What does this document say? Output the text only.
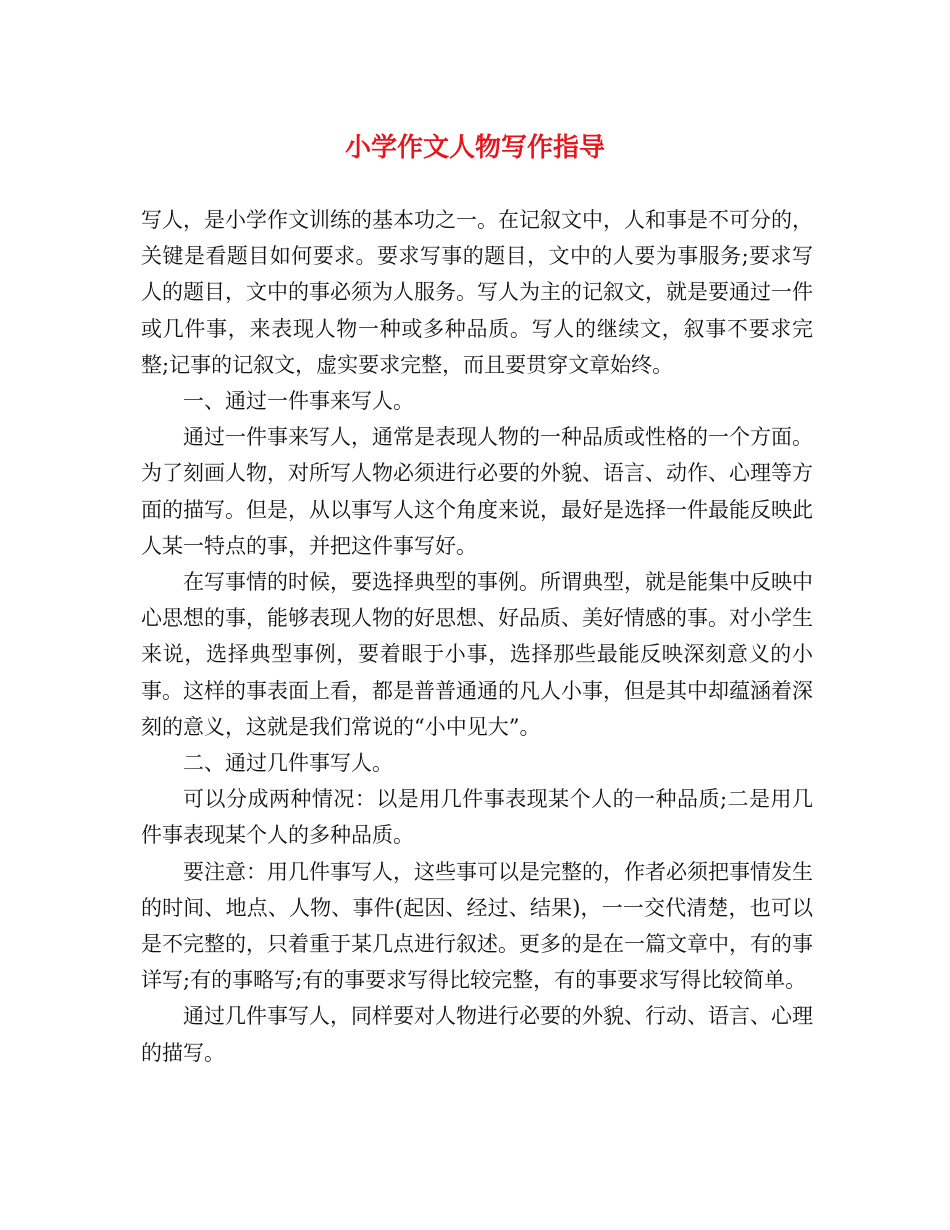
小学作文人物写作指导

写人，是小学作文训练的基本功之一。在记叙文中，人和事是不可分的，关键是看题目如何要求。要求写事的题目，文中的人要为事服务;要求写人的题目，文中的事必须为人服务。写人为主的记叙文，就是要通过一件或几件事，来表现人物一种或多种品质。写人的继续文，叙事不要求完整;记事的记叙文，虚实要求完整，而且要贯穿文章始终。

一、通过一件事来写人。

通过一件事来写人，通常是表现人物的一种品质或性格的一个方面。为了刻画人物，对所写人物必须进行必要的外貌、语言、动作、心理等方面的描写。但是，从以事写人这个角度来说，最好是选择一件最能反映此人某一特点的事，并把这件事写好。

在写事情的时候，要选择典型的事例。所谓典型，就是能集中反映中心思想的事，能够表现人物的好思想、好品质、美好情感的事。对小学生来说，选择典型事例，要着眼于小事，选择那些最能反映深刻意义的小事。这样的事表面上看，都是普普通通的凡人小事，但是其中却蕴涵着深刻的意义，这就是我们常说的“小中见大”。

二、通过几件事写人。

可以分成两种情况：以是用几件事表现某个人的一种品质;二是用几件事表现某个人的多种品质。

要注意：用几件事写人，这些事可以是完整的，作者必须把事情发生的时间、地点、人物、事件(起因、经过、结果)，一一交代清楚，也可以是不完整的，只着重于某几点进行叙述。更多的是在一篇文章中，有的事详写;有的事略写;有的事要求写得比较完整，有的事要求写得比较简单。

通过几件事写人，同样要对人物进行必要的外貌、行动、语言、心理的描写。
